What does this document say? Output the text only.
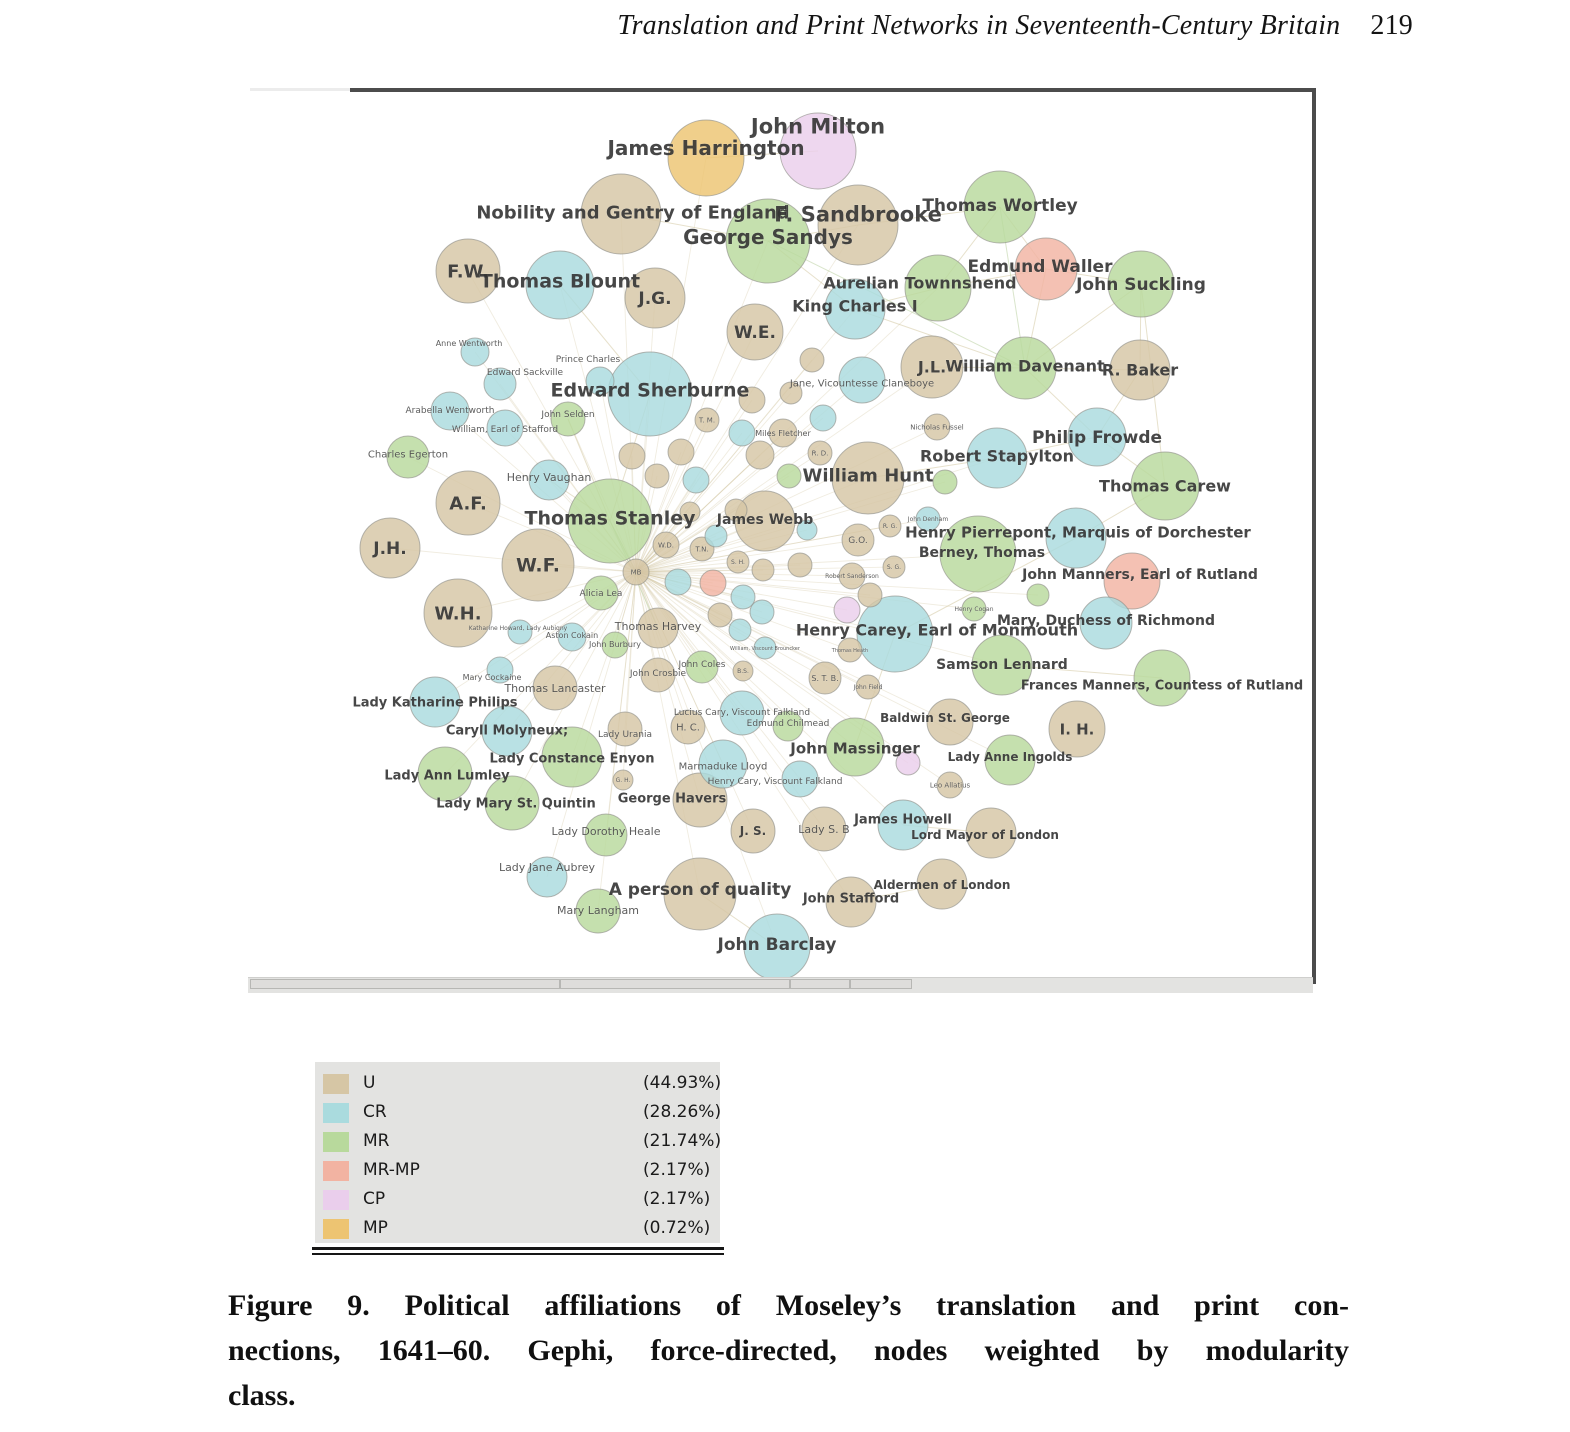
Translation and Print Networks in Seventeenth-Century Britain 219
Thomas Heath
William, Viscount Brouncker
G. H.
Katharine Howard, Lady Aubigny
S. H.
B.S.
John Field
Henry Cogan
Robert Sanderson
John Denham
R. G.
S. G.
MB
W.D.	T.N.
Leo Allatius
Nicholas Fussel
T. M.
R. D.
Anne Wentworth
Mary Cockaine
Aston Cokain
John Burbury
S. T. B.
Miles Fletcher
Prince Charles
Edward Sackville
Arabella Wentworth	John Selden
William, Earl of Stafford
Lady Urania
Lucius Cary, Viscount Falkland
Edmund Chilmead
Henry Cary, Viscount Falkland
Alicia Lea
John Coles
John Crosbie
G.O.
Jane, Vicountesse Claneboye
Charles Egerton
H. C.
Marmaduke Lloyd
Henry Vaughan
Lady S. B
Mary Langham
Lady Jane Aubrey
Lady Dorothy Heale
Thomas Lancaster
Thomas Harvey
Baldwin St. George
Lady Anne Ingolds
Lord Mayor of London
Aldermen of London
J. S.
Frances Manners, Countess of Rutland
James Howell
John Stafford
George Havers
Lady Mary St. Quintin
Lady Ann Lumley
Lady Constance Enyon
Caryll Molyneux;
Lady Katharine Philips
James Webb
Berney, Thomas
John Manners, Earl of Rutland
Mary, Duchess of Richmond
Samson Lennard
Henry Pierrepont, Marquis of Dorchester
I. H.
John Massinger
Aurelian Townnshend
King Charles I
J.L. William Davenant
R. Baker
Robert Stapylton
Thomas Carew
Henry Carey, Earl of Monmouth
Thomas Wortley
Edmund Waller
John Suckling
J.G.
W.E.
Philip Frowde
J.H.
A person of quality
John Barclay
Nobility and Gentry of England
F.W.
William Hunt
A.F.
W.H.
Thomas Blount
Edward Sherburne
Thomas Stanley
W.F.
James Harrington
George Sandys
John Milton
F. Sandbrooke
U	(44.93%)
CR	(28.26%)
MR	(21.74%)
MR-MP	(2.17%)
CP	(2.17%)
MP	(0.72%)
Figure 9. Political affiliations of Moseley’s translation and print con-
nections, 1641–60. Gephi, force-directed, nodes weighted by modularity
class.
